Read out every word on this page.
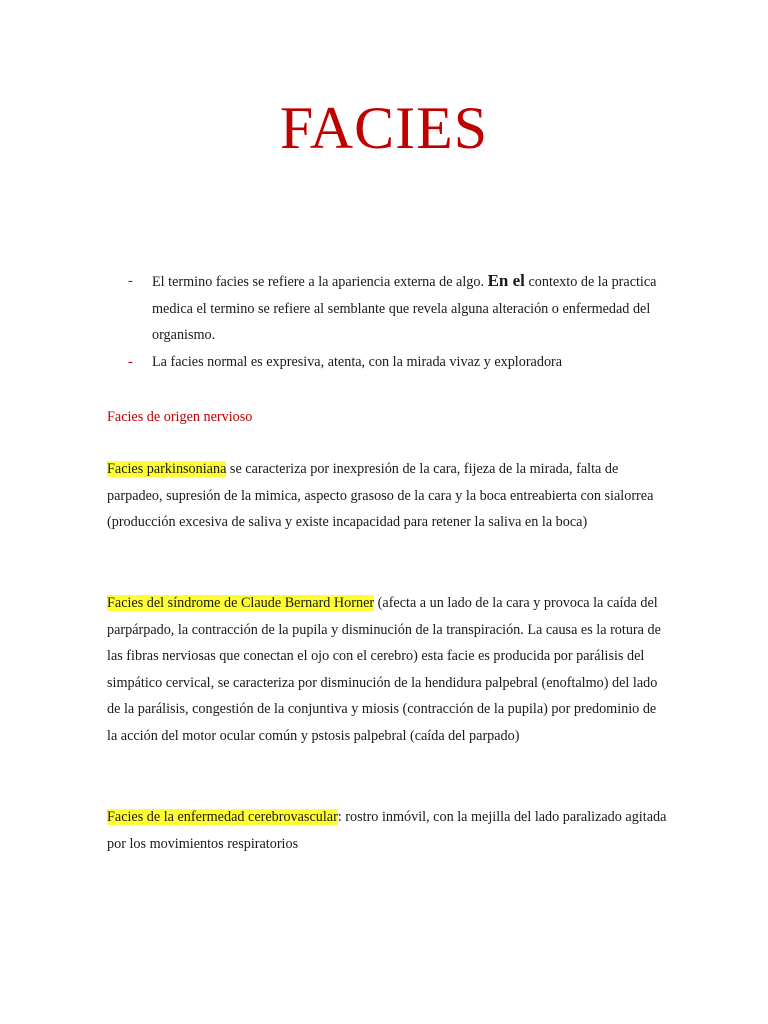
FACIES
- El termino facies se refiere a la apariencia externa de algo. En el contexto de la practica medica el termino se refiere al semblante que revela alguna alteración o enfermedad del organismo.
- La facies normal es expresiva, atenta, con la mirada vivaz y exploradora
Facies de origen nervioso

Facies parkinsoniana se caracteriza por inexpresión de la cara, fijeza de la mirada, falta de parpadeo, supresión de la mimica, aspecto grasoso de la cara y la boca entreabierta con sialorrea (producción excesiva de saliva y existe incapacidad para retener la saliva en la boca)

Facies del síndrome de Claude Bernard Horner (afecta a un lado de la cara y provoca la caída del parpárpado, la contracción de la pupila y disminución de la transpiración. La causa es la rotura de las fibras nerviosas que conectan el ojo con el cerebro) esta facie es producida por parálisis del simpático cervical, se caracteriza por disminución de la hendidura palpebral (enoftalmo) del lado de la parálisis, congestión de la conjuntiva y miosis (contracción de la pupila) por predominio de la acción del motor ocular común y pstosis palpebral (caída del parpado)

Facies de la enfermedad cerebrovascular: rostro inmóvil, con la mejilla del lado paralizado agitada por los movimientos respiratorios
